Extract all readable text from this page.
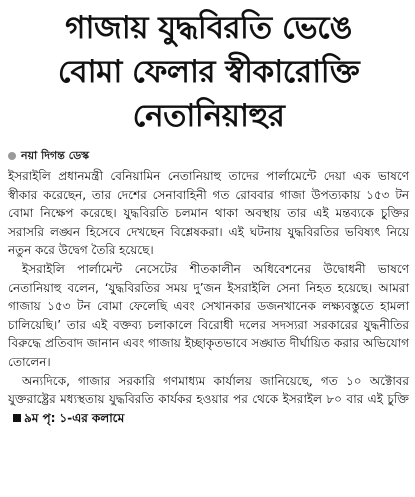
গাজায় যুদ্ধবিরতি ভেঙে
বোমা ফেলার স্বীকারোক্তি
নেতানিয়াহুর
নয়া দিগন্ত ডেস্ক

ইসরাইলি প্রধানমন্ত্রী বেনিয়ামিন নেতানিয়াহু তাদের পার্লামেন্টে দেয়া এক ভাষণে স্বীকার করেছেন, তার দেশের সেনাবাহিনী গত রোববার গাজা উপত্যকায় ১৫৩ টন বোমা নিক্ষেপ করেছে। যুদ্ধবিরতি চলমান থাকা অবস্থায় তার এই মন্তব্যকে চুক্তির সরাসরি লঙ্ঘন হিসেবে দেখছেন বিশ্লেষকরা। এই ঘটনায় যুদ্ধবিরতির ভবিষ্যৎ নিয়ে নতুন করে উদ্বেগ তৈরি হয়েছে।

ইসরাইলি পার্লামেন্ট নেসেটের শীতকালীন অধিবেশনের উদ্বোধনী ভাষণে নেতানিয়াহু বলেন, ‘যুদ্ধবিরতির সময় দু’জন ইসরাইলি সেনা নিহত হয়েছে। আমরা গাজায় ১৫৩ টন বোমা ফেলেছি এবং সেখানকার ডজনখানেক লক্ষ্যবস্তুতে হামলা চালিয়েছি।’ তার এই বক্তব্য চলাকালে বিরোধী দলের সদস্যরা সরকারের যুদ্ধনীতির বিরুদ্ধে প্রতিবাদ জানান এবং গাজায় ইচ্ছাকৃতভাবে সঙ্ঘাত দীর্ঘায়িত করার অভিযোগ তোলেন।

অন্যদিকে, গাজার সরকারি গণমাধ্যম কার্যালয় জানিয়েছে, গত ১০ অক্টোবর যুক্তরাষ্ট্রের মধ্যস্থতায় যুদ্ধবিরতি কার্যকর হওয়ার পর থেকে ইসরাইল ৮০ বার এই চুক্তি৯ম পৃ: ১-এর কলামে
